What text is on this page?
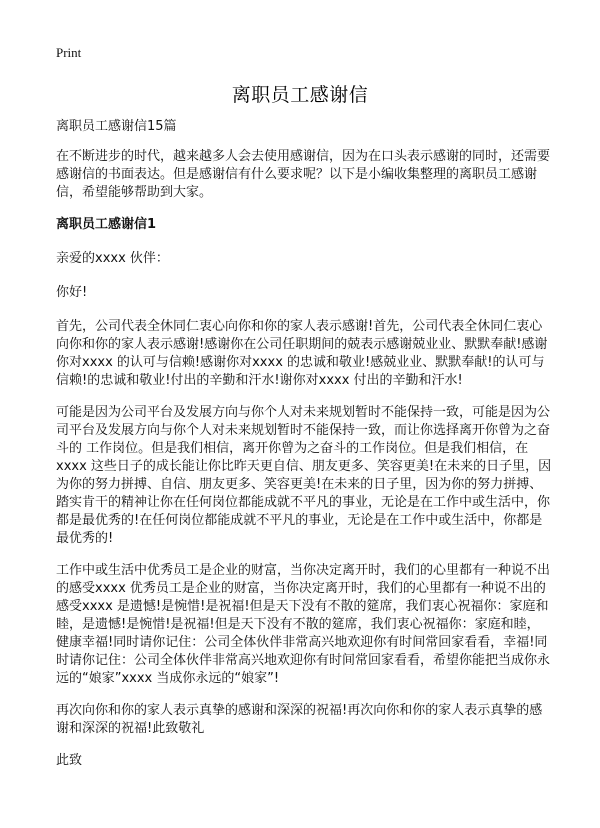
Print
离职员工感谢信

离职员工感谢信15篇

在不断进步的时代，越来越多人会去使用感谢信，因为在口头表示感谢的同时，还需要感谢信的书面表达。但是感谢信有什么要求呢？以下是小编收集整理的离职员工感谢信，希望能够帮助到大家。

离职员工感谢信1

亲爱的xxxx 伙伴：

你好!

首先，公司代表全休同仁衷心向你和你的家人表示感谢!首先，公司代表全休同仁衷心向你和你的家人表示感谢!感谢你在公司任职期间的兢表示感谢兢业业、默默奉献!感谢你对xxxx 的认可与信赖!感谢你对xxxx 的忠诚和敬业!感兢业业、默默奉献!的认可与信赖!的忠诚和敬业!付出的辛勤和汗水!谢你对xxxx 付出的辛勤和汗水!

可能是因为公司平台及发展方向与你个人对未来规划暂时不能保持一致，可能是因为公司平台及发展方向与你个人对未来规划暂时不能保持一致，而让你选择离开你曾为之奋斗的 工作岗位。但是我们相信，离开你曾为之奋斗的工作岗位。但是我们相信，在xxxx 这些日子的成长能让你比昨天更自信、朋友更多、笑容更美!在未来的日子里，因为你的努力拼搏、自信、朋友更多、笑容更美!在未来的日子里，因为你的努力拼搏、踏实肯干的精神让你在任何岗位都能成就不平凡的事业，无论是在工作中或生活中，你都是最优秀的!在任何岗位都能成就不平凡的事业，无论是在工作中或生活中，你都是最优秀的!

工作中或生活中优秀员工是企业的财富，当你决定离开时，我们的心里都有一种说不出的感受xxxx 优秀员工是企业的财富，当你决定离开时，我们的心里都有一种说不出的感受xxxx 是遗憾!是惋惜!是祝福!但是天下没有不散的筵席，我们衷心祝福你：家庭和睦，是遗憾!是惋惜!是祝福!但是天下没有不散的筵席，我们衷心祝福你：家庭和睦，健康幸福!同时请你记住：公司全体伙伴非常高兴地欢迎你有时间常回家看看，幸福!同时请你记住：公司全体伙伴非常高兴地欢迎你有时间常回家看看，希望你能把当成你永远的“娘家”xxxx 当成你永远的“娘家”!

再次向你和你的家人表示真挚的感谢和深深的祝福!再次向你和你的家人表示真挚的感谢和深深的祝福!此致敬礼

此致
